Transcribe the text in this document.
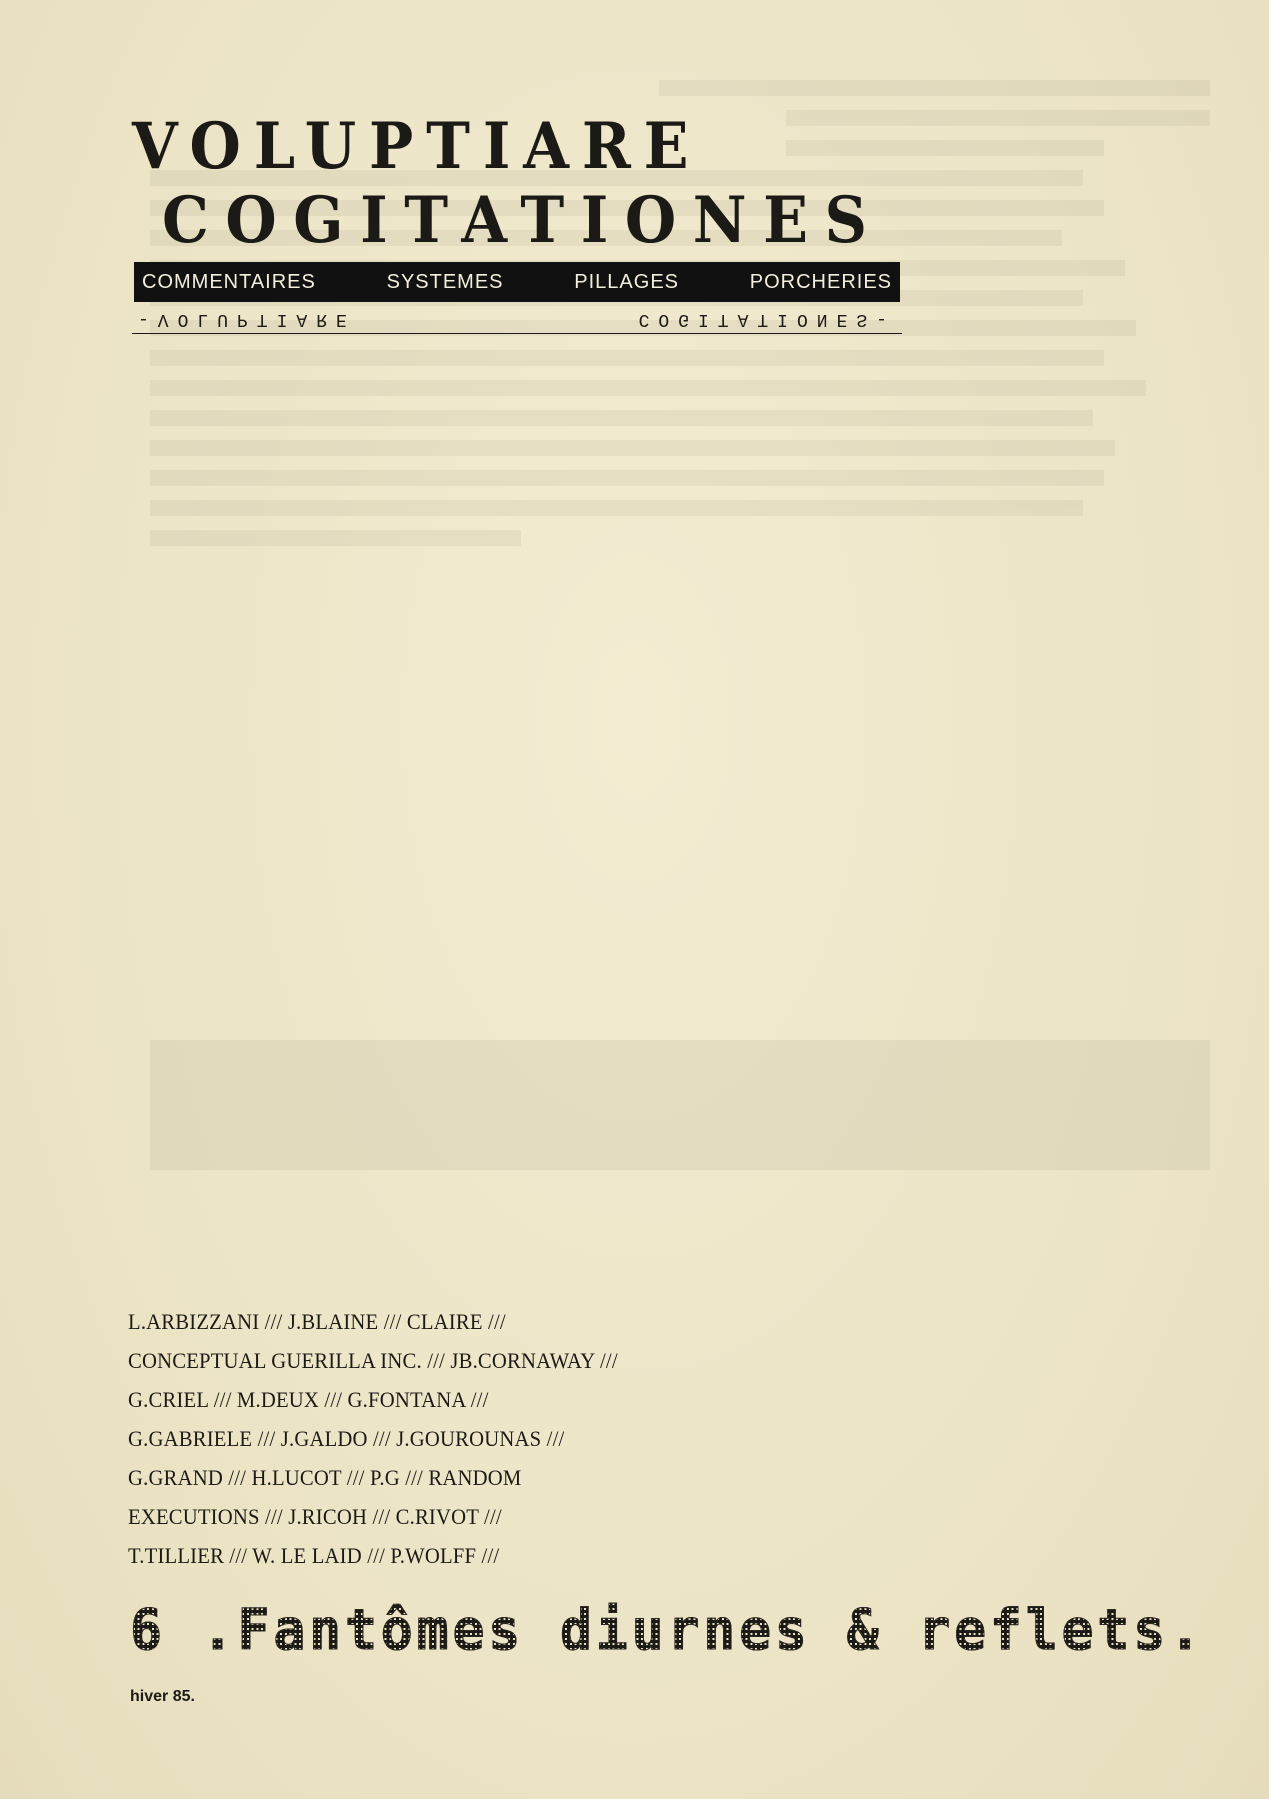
VOLUPTIARE

COGITATIONES

COMMENTAIRES	SYSTEMES	PILLAGES	PORCHERIES
-VOLUPTIARE	COGITATIONES-

L.ARBIZZANI /// J.BLAINE /// CLAIRE ///

CONCEPTUAL GUERILLA INC. /// JB.CORNAWAY ///

G.CRIEL /// M.DEUX /// G.FONTANA ///

G.GABRIELE /// J.GALDO /// J.GOUROUNAS ///

G.GRAND /// H.LUCOT /// P.G /// RANDOM

EXECUTIONS /// J.RICOH /// C.RIVOT ///

T.TILLIER /// W. LE LAID /// P.WOLFF ///

6 .Fantômes diurnes & reflets.
hiver 85.
